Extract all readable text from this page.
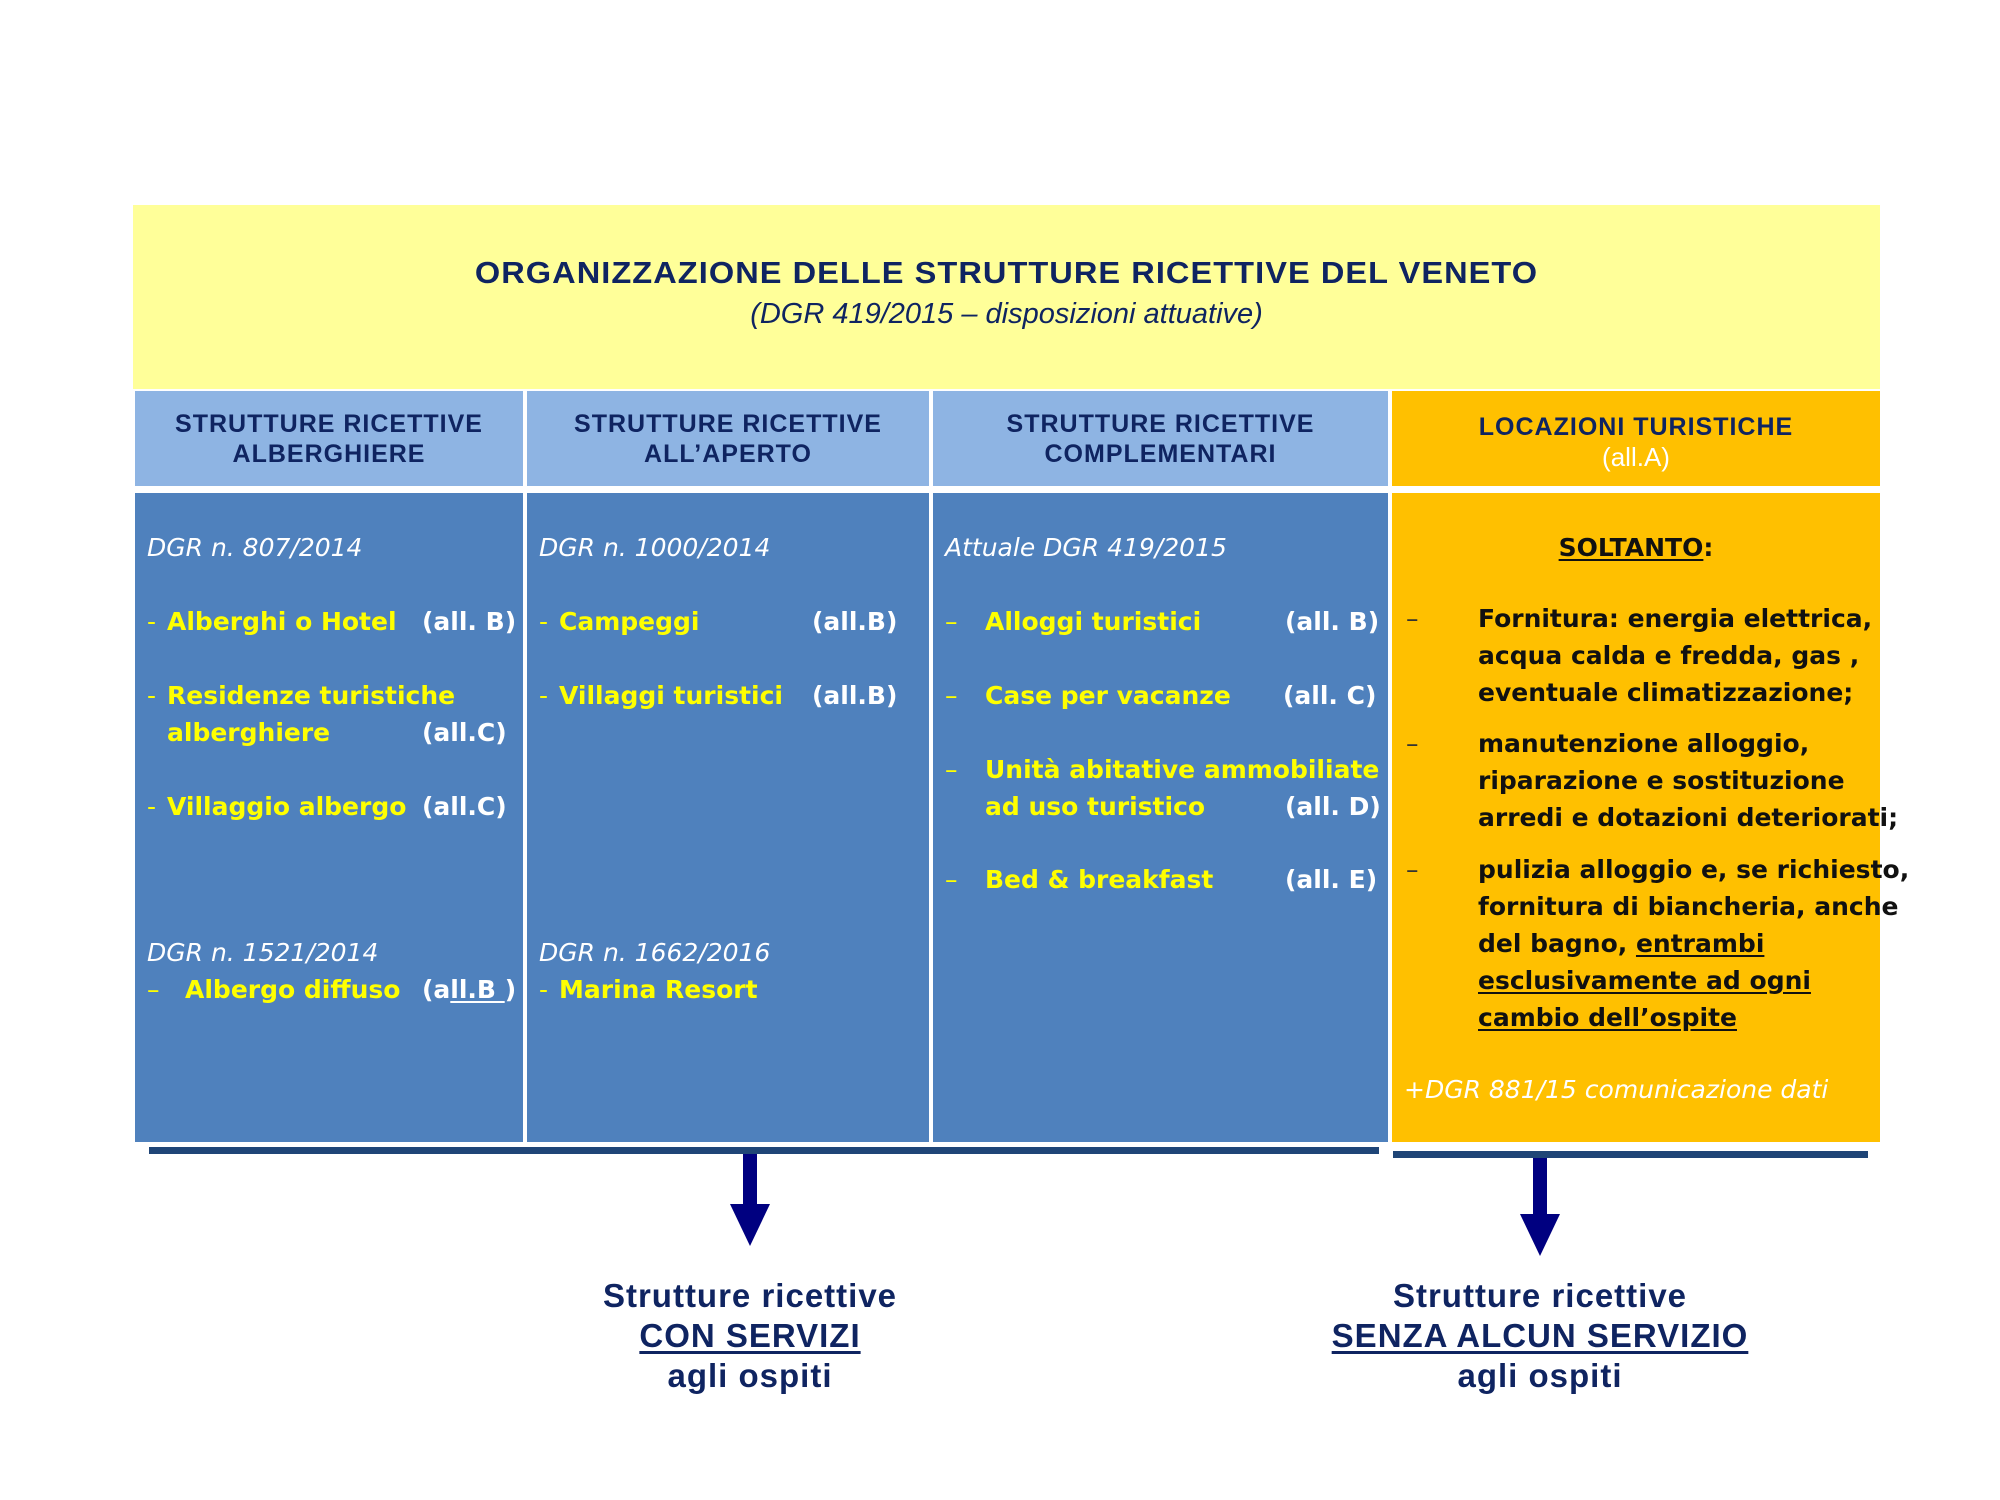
ORGANIZZAZIONE DELLE STRUTTURE RICETTIVE DEL VENETO
(DGR 419/2015 – disposizioni attuative)
STRUTTURE RICETTIVE
ALBERGHIERE
STRUTTURE RICETTIVE
ALL’APERTO
STRUTTURE RICETTIVE
COMPLEMENTARI
LOCAZIONI TURISTICHE
(all.A)
DGR n. 807/2014
- Alberghi o Hotel (all. B)
- Residenze turistiche
alberghiere	(all.C)
- Villaggio albergo (all.C)
DGR n. 1521/2014
– Albergo diffuso (all.B )
DGR n. 1000/2014
- Campeggi	(all.B)
- Villaggi turistici (all.B)
DGR n. 1662/2016
- Marina Resort
Attuale DGR 419/2015
– Alloggi turistici	(all. B)
– Case per vacanze (all. C)
– Unità abitative ammobiliate
ad uso turistico	(all. D)
– Bed & breakfast	(all. E)
SOLTANTO:
– Fornitura: energia elettrica,
acqua calda e fredda, gas ,
eventuale climatizzazione;
– manutenzione alloggio,
riparazione e sostituzione
arredi e dotazioni deteriorati;
– pulizia alloggio e, se richiesto,
fornitura di biancheria, anche
del bagno, entrambi
esclusivamente ad ogni
cambio dell’ospite
+DGR 881/15 comunicazione dati
Strutture ricettive
CON SERVIZI
agli ospiti
Strutture ricettive
SENZA ALCUN SERVIZIO
agli ospiti
